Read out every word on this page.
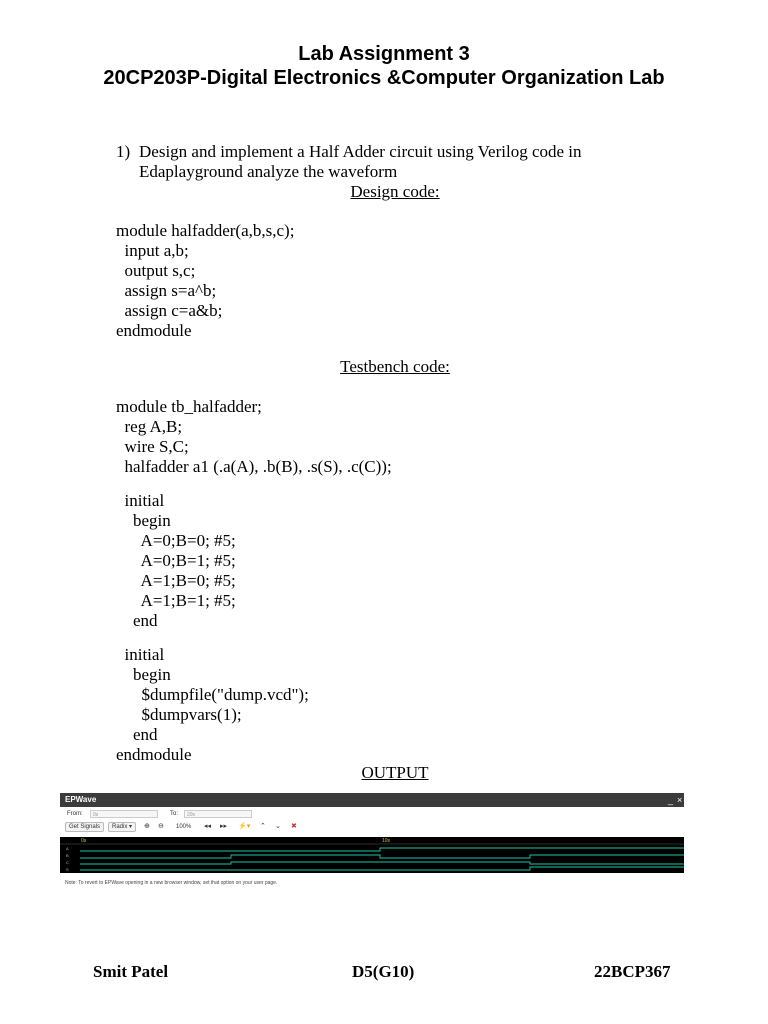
Lab Assignment 3
20CP203P-Digital Electronics &Computer Organization Lab
1) Design and implement a Half Adder circuit using Verilog code in
Edaplayground analyze the waveform
Design code:
module halfadder(a,b,s,c);
input a,b;
output s,c;
assign s=a^b;
assign c=a&b;
endmodule
Testbench code:
module tb_halfadder;
reg A,B;
wire S,C;
halfadder a1 (.a(A), .b(B), .s(S), .c(C));
initial
begin
A=0;B=0; #5;
A=0;B=1; #5;
A=1;B=0; #5;
A=1;B=1; #5;
end
initial
begin
$dumpfile("dump.vcd");
$dumpvars(1);
end
endmodule
OUTPUT
EPWave	_ ×
From:	0s	To:	20s
Get Signals	Radix ▾	⊕ ⊖ 100% ◂◂ ▸▸ ⚡▾ ⌃ ⌄ ✖
0s	10s
A
B
C
S
Note: To revert to EPWave opening in a new browser window, set that option on your user page.
Smit Patel	D5(G10)	22BCP367
